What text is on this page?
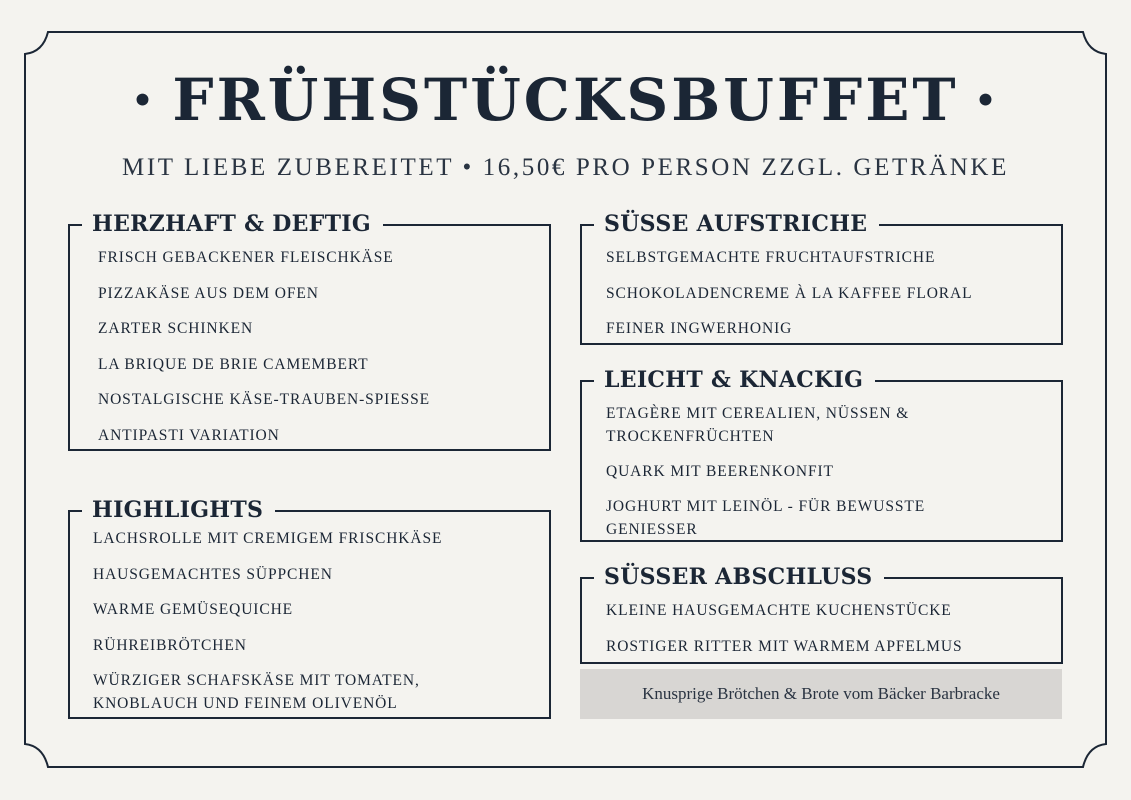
• FRÜHSTÜCKSBUFFET •
MIT LIEBE ZUBEREITET • 16,50€ PRO PERSON ZZGL. GETRÄNKE
HERZHAFT & DEFTIG
FRISCH GEBACKENER FLEISCHKÄSE
PIZZAKÄSE AUS DEM OFEN
ZARTER SCHINKEN
LA BRIQUE DE BRIE CAMEMBERT
NOSTALGISCHE KÄSE-TRAUBEN-SPIESSE
ANTIPASTI VARIATION
HIGHLIGHTS
LACHSROLLE MIT CREMIGEM FRISCHKÄSE
HAUSGEMACHTES SÜPPCHEN
WARME GEMÜSEQUICHE
RÜHREIBRÖTCHEN
WÜRZIGER SCHAFSKÄSE MIT TOMATEN, KNOBLAUCH UND FEINEM OLIVENÖL
SÜSSE AUFSTRICHE
SELBSTGEMACHTE FRUCHTAUFSTRICHE
SCHOKOLADENCREME À LA KAFFEE FLORAL
FEINER INGWERHONIG
LEICHT & KNACKIG
ETAGÈRE MIT CEREALIEN, NÜSSEN & TROCKENFRÜCHTEN
QUARK MIT BEERENKONFIT
JOGHURT MIT LEINÖL - FÜR BEWUSSTE GENIESSER
SÜSSER ABSCHLUSS
KLEINE HAUSGEMACHTE KUCHENSTÜCKE
ROSTIGER RITTER MIT WARMEM APFELMUS
Knusprige Brötchen & Brote vom Bäcker Barbracke
